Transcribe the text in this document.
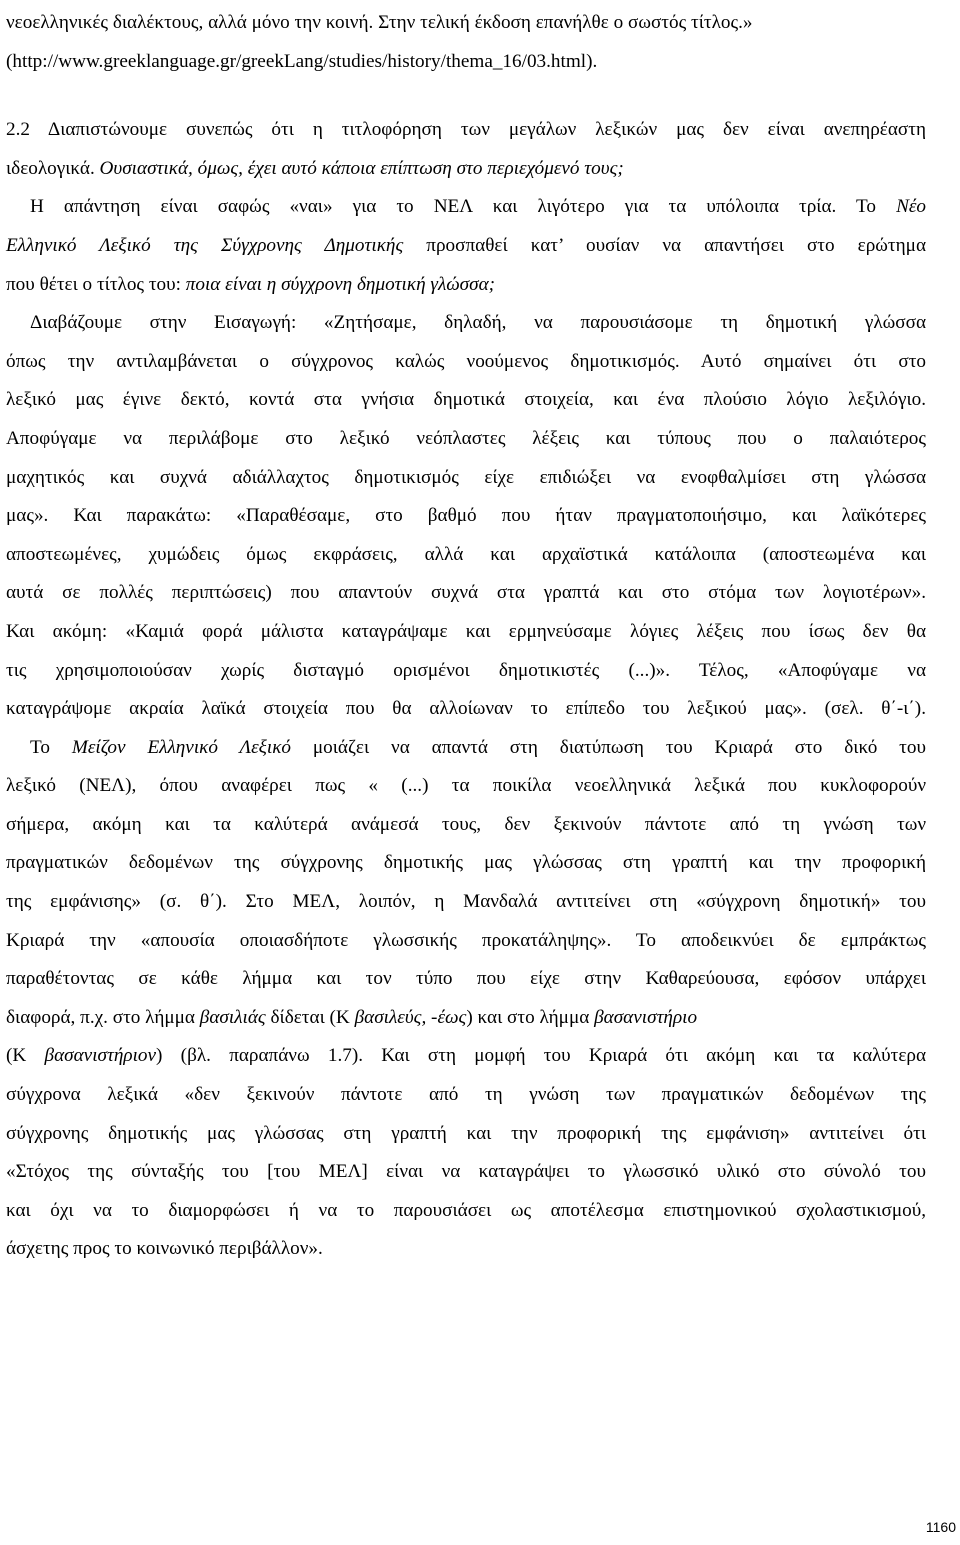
νεοελληνικές διαλέκτους, αλλά μόνο την κοινή. Στην τελική έκδοση επανήλθε ο σωστός τίτλος.»
(http://www.greeklanguage.gr/greekLang/studies/history/thema_16/03.html).
2.2 Διαπιστώνουμε συνεπώς ότι η τιτλοφόρηση των μεγάλων λεξικών μας δεν είναι ανεπηρέαστη
ιδεολογικά. Ουσιαστικά, όμως, έχει αυτό κάποια επίπτωση στο περιεχόμενό τους;
Η απάντηση είναι σαφώς «ναι» για το ΝΕΛ και λιγότερο για τα υπόλοιπα τρία. Το Νέο
Ελληνικό Λεξικό της Σύγχρονης Δημοτικής προσπαθεί κατ’ ουσίαν να απαντήσει στο ερώτημα
που θέτει ο τίτλος του: ποια είναι η σύγχρονη δημοτική γλώσσα;
Διαβάζουμε στην Εισαγωγή: «Ζητήσαμε, δηλαδή, να παρουσιάσομε τη δημοτική γλώσσα
όπως την αντιλαμβάνεται ο σύγχρονος καλώς νοούμενος δημοτικισμός. Αυτό σημαίνει ότι στο
λεξικό μας έγινε δεκτό, κοντά στα γνήσια δημοτικά στοιχεία, και ένα πλούσιο λόγιο λεξιλόγιο.
Αποφύγαμε να περιλάβομε στο λεξικό νεόπλαστες λέξεις και τύπους που ο παλαιότερος
μαχητικός και συχνά αδιάλλαχτος δημοτικισμός είχε επιδιώξει να ενοφθαλμίσει στη γλώσσα
μας». Και παρακάτω: «Παραθέσαμε, στο βαθμό που ήταν πραγματοποιήσιμο, και λαϊκότερες
αποστεωμένες, χυμώδεις όμως εκφράσεις, αλλά και αρχαϊστικά κατάλοιπα (αποστεωμένα και
αυτά σε πολλές περιπτώσεις) που απαντούν συχνά στα γραπτά και στο στόμα των λογιοτέρων».
Και ακόμη: «Καμιά φορά μάλιστα καταγράψαμε και ερμηνεύσαμε λόγιες λέξεις που ίσως δεν θα
τις χρησιμοποιούσαν χωρίς δισταγμό ορισμένοι δημοτικιστές (...)». Τέλος, «Αποφύγαμε να
καταγράψομε ακραία λαϊκά στοιχεία που θα αλλοίωναν το επίπεδο του λεξικού μας». (σελ. θ΄-ι΄).
Το Μείζον Ελληνικό Λεξικό μοιάζει να απαντά στη διατύπωση του Κριαρά στο δικό του
λεξικό (ΝΕΛ), όπου αναφέρει πως « (...) τα ποικίλα νεοελληνικά λεξικά που κυκλοφορούν
σήμερα, ακόμη και τα καλύτερά ανάμεσά τους, δεν ξεκινούν πάντοτε από τη γνώση των
πραγματικών δεδομένων της σύγχρονης δημοτικής μας γλώσσας στη γραπτή και την προφορική
της εμφάνισης» (σ. θ΄). Στο ΜΕΛ, λοιπόν, η Μανδαλά αντιτείνει στη «σύγχρονη δημοτική» του
Κριαρά την «απουσία οποιασδήποτε γλωσσικής προκατάληψης». Το αποδεικνύει δε εμπράκτως
παραθέτοντας σε κάθε λήμμα και τον τύπο που είχε στην Καθαρεύουσα, εφόσον υπάρχει
διαφορά, π.χ. στο λήμμα βασιλιάς δίδεται (Κ βασιλεύς, -έως) και στο λήμμα βασανιστήριο
(Κ βασανιστήριον) (βλ. παραπάνω 1.7). Και στη μομφή του Κριαρά ότι ακόμη και τα καλύτερα
σύγχρονα λεξικά «δεν ξεκινούν πάντοτε από τη γνώση των πραγματικών δεδομένων της
σύγχρονης δημοτικής μας γλώσσας στη γραπτή και την προφορική της εμφάνιση» αντιτείνει ότι
«Στόχος της σύνταξής του [του ΜΕΛ] είναι να καταγράψει το γλωσσικό υλικό στο σύνολό του
και όχι να το διαμορφώσει ή να το παρουσιάσει ως αποτέλεσμα επιστημονικού σχολαστικισμού,
άσχετης προς το κοινωνικό περιβάλλον».
1160
